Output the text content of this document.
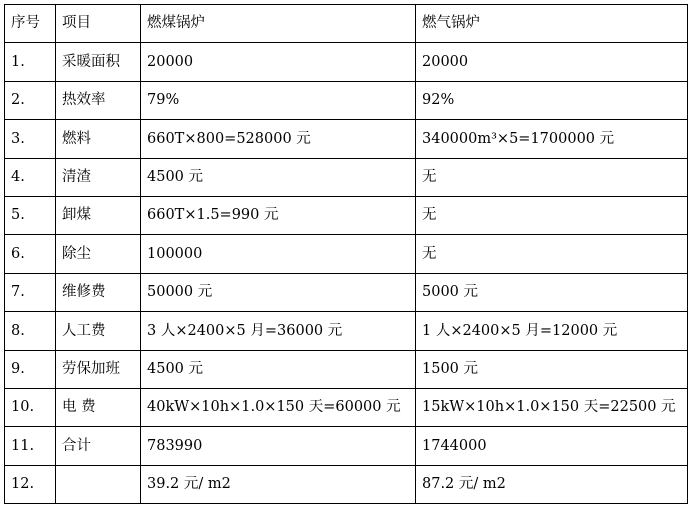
序号	项目	燃煤锅炉	燃气锅炉
1.	采暖面积	20000	20000
2.	热效率	79%	92%
3.	燃料	660T×800=528000 元	340000m³×5=1700000 元
4.	清渣	4500 元	无
5.	卸煤	660T×1.5=990 元	无
6.	除尘	100000	无
7.	维修费	50000 元	5000 元
8.	人工费	3 人×2400×5 月=36000 元	1 人×2400×5 月=12000 元
9.	劳保加班	4500 元	1500 元
10.	电 费	40kW×10h×1.0×150 天=60000 元	15kW×10h×1.0×150 天=22500 元
11.	合计	783990	1744000
12.		39.2 元/ m2	87.2 元/ m2
